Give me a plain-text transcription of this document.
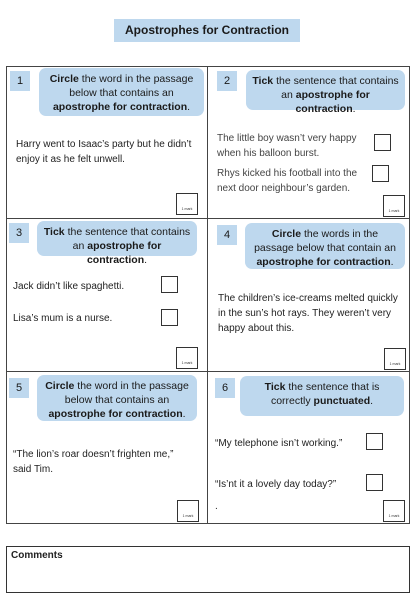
Apostrophes for Contraction
1	Circle the word in the passage below that contains an apostrophe for contraction.
Harry went to Isaac’s party but he didn’t enjoy it as he felt unwell.
1 mark
2	Tick the sentence that contains an apostrophe for contraction.
The little boy wasn’t very happy when his balloon burst.
Rhys kicked his football into the next door neighbour’s garden.
1 mark
3	Tick the sentence that contains an apostrophe for contraction.
Jack didn’t like spaghetti.
Lisa’s mum is a nurse.
1 mark
4	Circle the words in the passage below that contain an apostrophe for contraction.
The children’s ice-creams melted quickly in the sun’s hot rays. They weren’t very happy about this.
1 mark
5	Circle the word in the passage below that contains an apostrophe for contraction.
“The lion’s roar doesn’t frighten me,” said Tim.
1 mark
6	Tick the sentence that is correctly punctuated.
“My telephone isn’t working.”
“Is’nt it a lovely day today?”
.
1 mark
Comments
